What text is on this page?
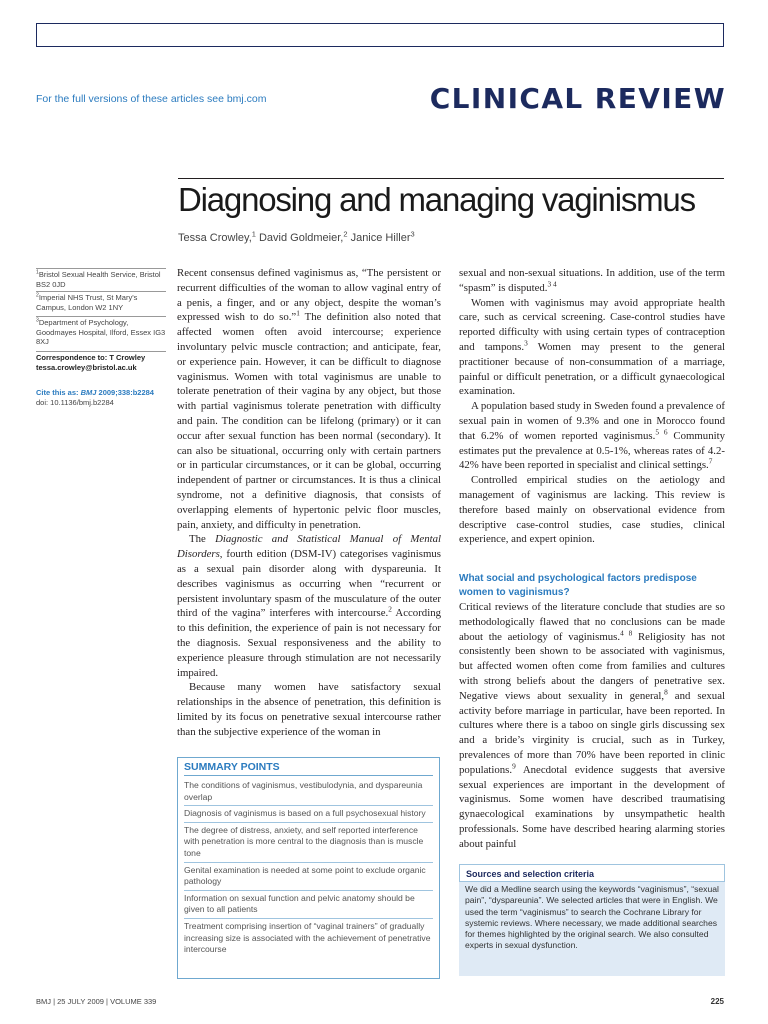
For the full versions of these articles see bmj.com	CLINICAL REVIEW
Diagnosing and managing vaginismus
Tessa Crowley,$^1$ David Goldmeier,$^2$ Janice Hiller$^3$
$^1$Bristol Sexual Health Service, Bristol BS2 0JD
$^2$Imperial NHS Trust, St Mary's Campus, London W2 1NY
$^3$Department of Psychology, Goodmayes Hospital, Ilford, Essex IG3 8XJ
Correspondence to: T Crowley
tessa.crowley@bristol.ac.uk
Cite this as: BMJ 2009;338:b2284
doi: 10.1136/bmj.b2284

Recent consensus defined vaginismus as, “The persistent or recurrent difficulties of the woman to allow vaginal entry of a penis, a finger, and or any object, despite the woman’s expressed wish to do so.”$^1$ The definition also noted that affected women often avoid intercourse; experience involuntary pelvic muscle contraction; and anticipate, fear, or experience pain. However, it can be difficult to diagnose vaginismus. Women with total vaginismus are unable to tolerate penetration of their vagina by any object, but those with partial vaginismus tolerate penetration with difficulty and pain. The condition can be lifelong (primary) or it can occur after sexual function has been normal (secondary). It can also be situational, occurring only with certain partners or in particular circumstances, or it can be global, occurring independent of partner or circumstances. It is thus a clinical syndrome, not a definitive diagnosis, that consists of overlapping elements of hypertonic pelvic floor muscles, pain, anxiety, and difficulty in penetration.

The Diagnostic and Statistical Manual of Mental Disorders, fourth edition (DSM-IV) categorises vaginismus as a sexual pain disorder along with dyspareunia. It describes vaginismus as occurring when “recurrent or persistent involuntary spasm of the musculature of the outer third of the vagina” interferes with intercourse.$^2$ According to this definition, the experience of pain is not necessary for the diagnosis. Sexual responsiveness and the ability to experience pleasure through stimulation are not necessarily impaired.

Because many women have satisfactory sexual relationships in the absence of penetration, this definition is limited by its focus on penetrative sexual intercourse rather than the subjective experience of the woman in

sexual and non-sexual situations. In addition, use of the term “spasm” is disputed.$^{3 4}$

Women with vaginismus may avoid appropriate health care, such as cervical screening. Case-control studies have reported difficulty with using certain types of contraception and tampons.$^3$ Women may present to the general practitioner because of non-consummation of a marriage, painful or difficult penetration, or a difficult gynaecological examination.

A population based study in Sweden found a prevalence of sexual pain in women of 9.3% and one in Morocco found that 6.2% of women reported vaginismus.$^{5 6}$ Community estimates put the prevalence at 0.5-1%, whereas rates of 4.2-42% have been reported in specialist and clinical settings.$^7$

Controlled empirical studies on the aetiology and management of vaginismus are lacking. This review is therefore based mainly on observational evidence from descriptive case-control studies, case studies, clinical experience, and expert opinion.

What social and psychological factors predispose women to vaginismus?

Critical reviews of the literature conclude that studies are so methodologically flawed that no conclusions can be made about the aetiology of vaginismus.$^{4 8}$ Religiosity has not consistently been shown to be associated with vaginismus, but affected women often come from families and cultures with strong beliefs about the dangers of penetrative sex. Negative views about sexuality in general,$^8$ and sexual activity before marriage in particular, have been reported. In cultures where there is a taboo on single girls discussing sex and a bride’s virginity is crucial, such as in Turkey, prevalences of more than 70% have been reported in clinic populations.$^9$ Anecdotal evidence suggests that aversive sexual experiences are important in the development of vaginismus. Some women have described traumatising gynaecological examinations by unsympathetic health professionals. Some have described hearing alarming stories about painful

SUMMARY POINTS
The conditions of vaginismus, vestibulodynia, and dyspareunia overlap
Diagnosis of vaginismus is based on a full psychosexual history
The degree of distress, anxiety, and self reported interference with penetration is more central to the diagnosis than is muscle tone
Genital examination is needed at some point to exclude organic pathology
Information on sexual function and pelvic anatomy should be given to all patients
Treatment comprising insertion of “vaginal trainers” of gradually increasing size is associated with the achievement of penetrative intercourse
Sources and selection criteria
We did a Medline search using the keywords “vaginismus”, “sexual pain”, “dyspareunia”. We selected articles that were in English. We used the term “vaginismus” to search the Cochrane Library for systemic reviews. Where necessary, we made additional searches for themes highlighted by the original search. We also consulted experts in sexual dysfunction.
BMJ | 25 JULY 2009 | VOLUME 339	225
